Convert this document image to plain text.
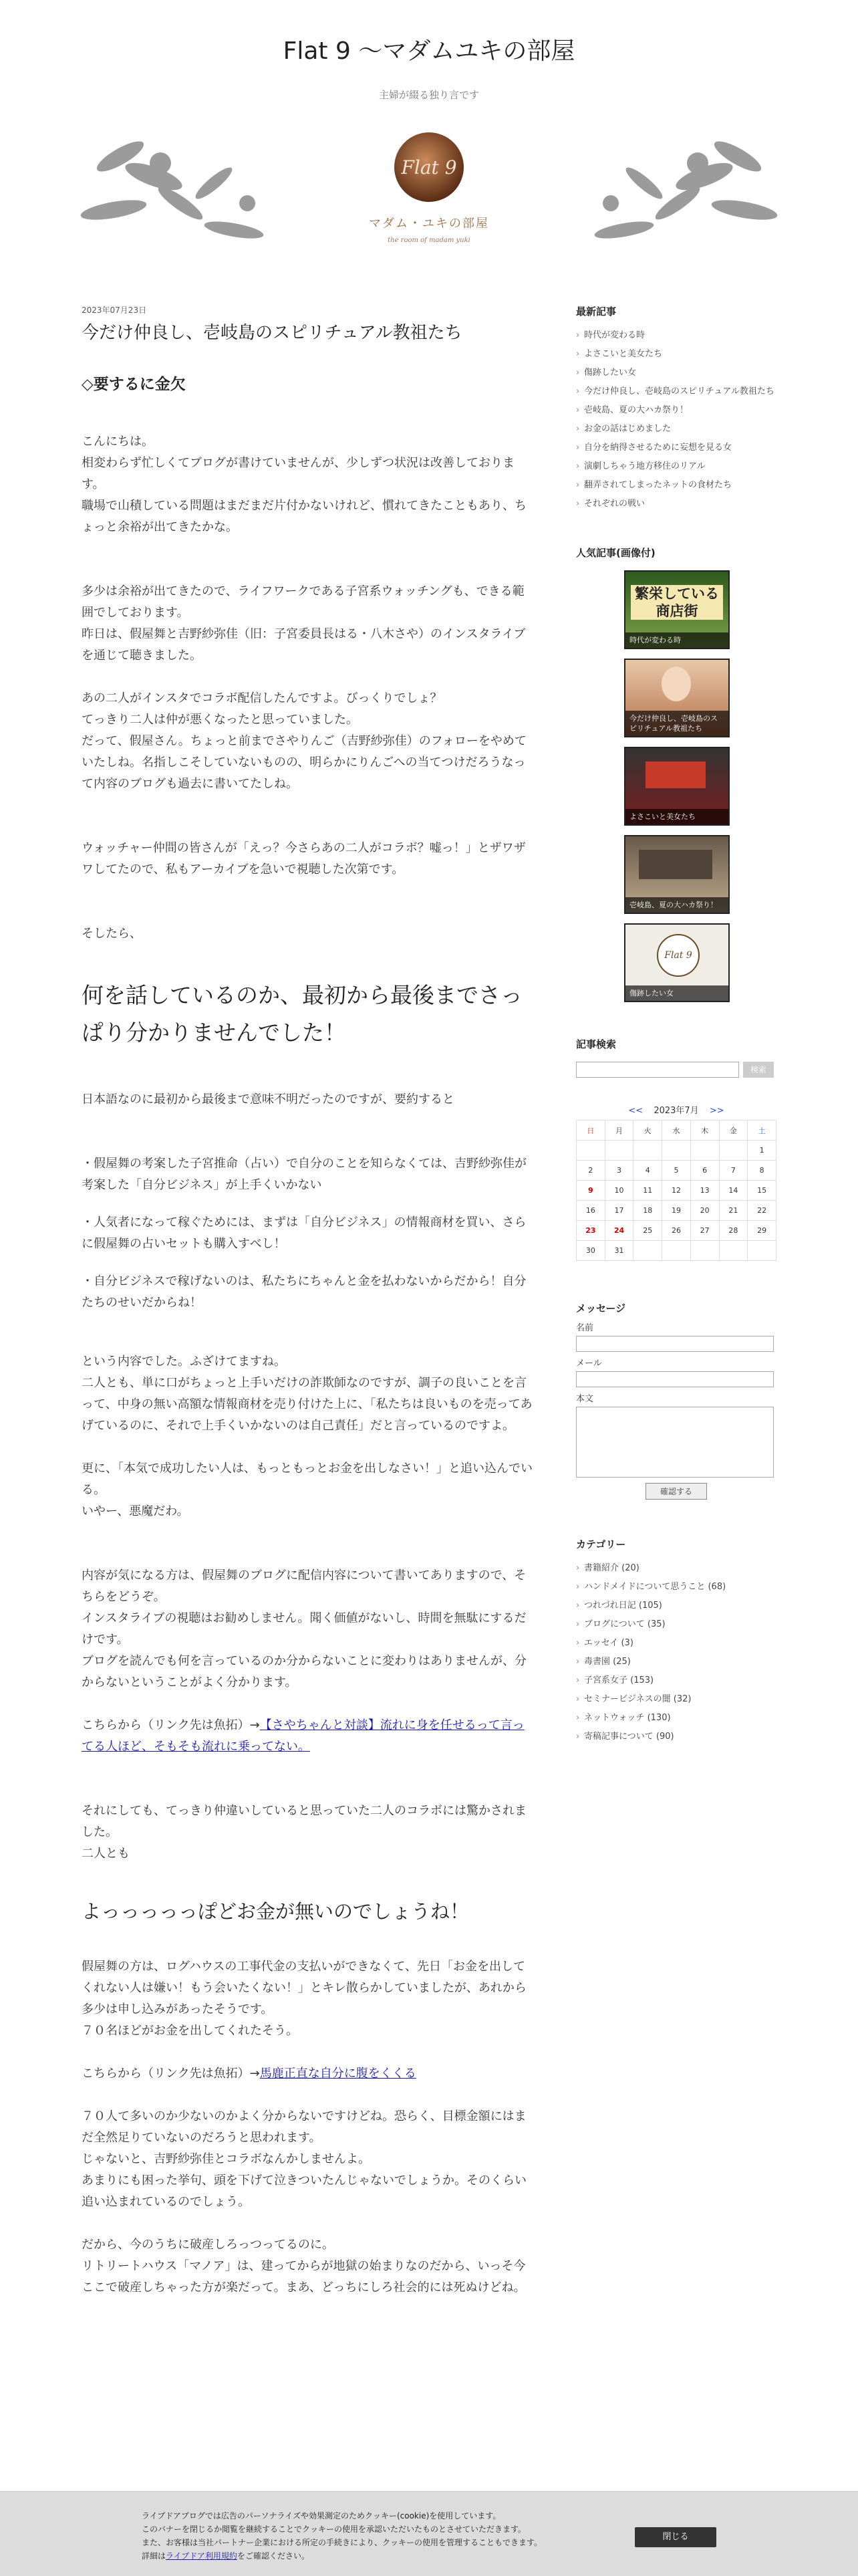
Flat 9 〜マダムユキの部屋
主婦が綴る独り言です
Flat 9
マダム・ユキの部屋
the room of madam yuki
2023年07月23日
今だけ仲良し、壱岐島のスピリチュアル教祖たち
◇要するに金欠

こんにちは。

相変わらず忙しくてブログが書けていませんが、少しずつ状況は改善しております。

職場で山積している問題はまだまだ片付かないけれど、慣れてきたこともあり、ちょっと余裕が出てきたかな。

多少は余裕が出てきたので、ライフワークである子宮系ウォッチングも、できる範囲でしております。

昨日は、假屋舞と吉野紗弥佳（旧：子宮委員長はる・八木さや）のインスタライブを通じて聴きました。

あの二人がインスタでコラボ配信したんですよ。びっくりでしょ？

てっきり二人は仲が悪くなったと思っていました。

だって、假屋さん。ちょっと前までさやりんご（吉野紗弥佳）のフォローをやめていたしね。名指しこそしていないものの、明らかにりんごへの当てつけだろうなって内容のブログも過去に書いてたしね。

ウォッチャー仲間の皆さんが「えっ？今さらあの二人がコラボ？嘘っ！」とザワザワしてたので、私もアーカイブを急いで視聴した次第です。

そしたら、
何を話しているのか、最初から最後までさっぱり分かりませんでした！
日本語なのに最初から最後まで意味不明だったのですが、要約すると
・假屋舞の考案した子宮推命（占い）で自分のことを知らなくては、吉野紗弥佳が考案した「自分ビジネス」が上手くいかない
・人気者になって稼ぐためには、まずは「自分ビジネス」の情報商材を買い、さらに假屋舞の占いセットも購入すべし！
・自分ビジネスで稼げないのは、私たちにちゃんと金を払わないからだから！自分たちのせいだからね！

という内容でした。ふざけてますね。

二人とも、単に口がちょっと上手いだけの詐欺師なのですが、調子の良いことを言って、中身の無い高額な情報商材を売り付けた上に、「私たちは良いものを売ってあげているのに、それで上手くいかないのは自己責任」だと言っているのですよ。

更に、「本気で成功したい人は、もっともっとお金を出しなさい！」と追い込んでいる。

いやー、悪魔だわ。

内容が気になる方は、假屋舞のブログに配信内容について書いてありますので、そちらをどうぞ。

インスタライブの視聴はお勧めしません。聞く価値がないし、時間を無駄にするだけです。

ブログを読んでも何を言っているのか分からないことに変わりはありませんが、分からないということがよく分かります。

こちらから（リンク先は魚拓）→【さやちゃんと対談】流れに身を任せるって言ってる人ほど、そもそも流れに乗ってない。

それにしても、てっきり仲違いしていると思っていた二人のコラボには驚かされました。

二人とも

よっっっっっぽどお金が無いのでしょうね！

假屋舞の方は、ログハウスの工事代金の支払いができなくて、先日「お金を出してくれない人は嫌い！もう会いたくない！」とキレ散らかしていましたが、あれから多少は申し込みがあったそうです。

７０名ほどがお金を出してくれたそう。

こちらから（リンク先は魚拓）→馬鹿正直な自分に腹をくくる

７０人て多いのか少ないのかよく分からないですけどね。恐らく、目標金額にはまだ全然足りていないのだろうと思われます。

じゃないと、吉野紗弥佳とコラボなんかしませんよ。

あまりにも困った挙句、頭を下げて泣きついたんじゃないでしょうか。そのくらい追い込まれているのでしょう。

だから、今のうちに破産しろっつってるのに。

リトリートハウス「マノア」は、建ってからが地獄の始まりなのだから、いっそ今ここで破産しちゃった方が楽だって。まあ、どっちにしろ社会的には死ぬけどね。

最新記事
› 時代が変わる時
› よさこいと美女たち
› 傷跡したい女
› 今だけ仲良し、壱岐島のスピリチュアル教祖たち
› 壱岐島、夏の大ハカ祭り！
› お金の話はじめました
› 自分を納得させるために妄想を見る女
› 演劇しちゃう地方移住のリアル
› 翻弄されてしまったネットの食材たち
› それぞれの戦い
人気記事(画像付)
繁栄している商店街
時代が変わる時
今だけ仲良し、壱岐島のスピリチュアル教祖たち
よさこいと美女たち
壱岐島、夏の大ハカ祭り！
Flat 9
傷跡したい女
記事検索
検索
<< 2023年7月 >>
日	月	火	水	木	金	土
						1
2	3	4	5	6	7	8
9	10	11	12	13	14	15
16	17	18	19	20	21	22
23	24	25	26	27	28	29
30	31					
メッセージ
名前
メール
本文
確認する
カテゴリー
› 書籍紹介 (20)
› ハンドメイドについて思うこと (68)
› つれづれ日記 (105)
› ブログについて (35)
› エッセイ (3)
› 毒書園 (25)
› 子宮系女子 (153)
› セミナービジネスの闇 (32)
› ネットウォッチ (130)
› 寄稿記事について (90)
ライブドアブログでは広告のパーソナライズや効果測定のためクッキー(cookie)を使用しています。
このバナーを閉じるか閲覧を継続することでクッキーの使用を承認いただいたものとさせていただきます。
また、お客様は当社パートナー企業における所定の手続きにより、クッキーの使用を管理することもできます。
詳細はライブドア利用規約をご確認ください。
閉じる
